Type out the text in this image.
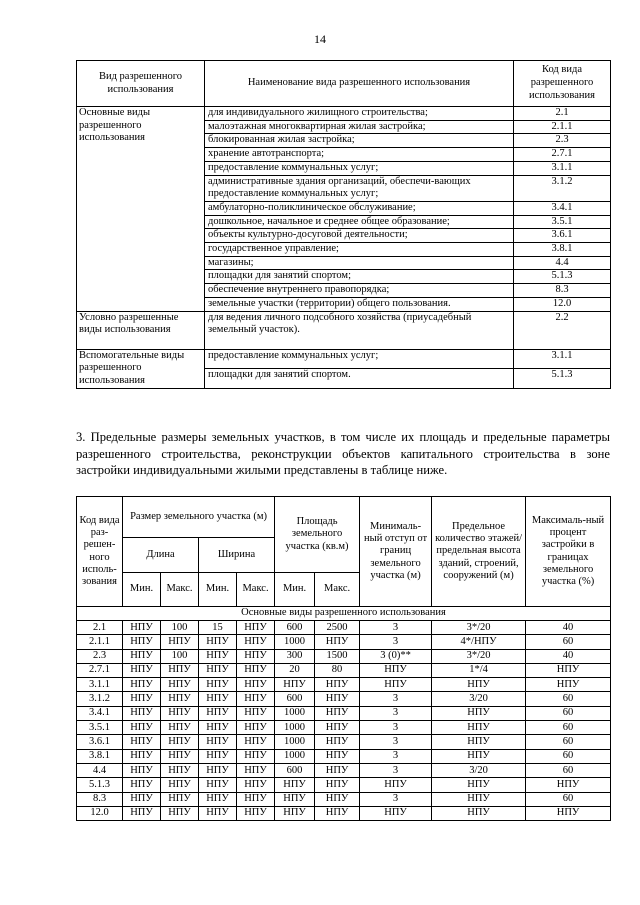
14
Вид разрешенного использования	Наименование вида разрешенного использования	Код вида разрешенного использования
Основные виды разрешенного использования	для индивидуального жилищного строительства;	2.1
	малоэтажная многоквартирная жилая застройка;	2.1.1
	блокированная жилая застройка;	2.3
	хранение автотранспорта;	2.7.1
	предоставление коммунальных услуг;	3.1.1
	административные здания организаций, обеспечи-вающих предоставление коммунальных услуг;	3.1.2
	амбулаторно-поликлиническое обслуживание;	3.4.1
	дошкольное, начальное и среднее общее образование;	3.5.1
	объекты культурно-досуговой деятельности;	3.6.1
	государственное управление;	3.8.1
	магазины;	4.4
	площадки для занятий спортом;	5.1.3
	обеспечение внутреннего правопорядка;	8.3
	земельные участки (территории) общего пользования.	12.0
Условно разрешенные виды использования	для ведения личного подсобного хозяйства (приусадебный земельный участок).	2.2
Вспомогательные виды разрешенного использования	предоставление коммунальных услуг;	3.1.1
	площадки для занятий спортом.	5.1.3

3. Предельные размеры земельных участков, в том числе их площадь и предельные параметры разрешенного строительства, реконструкции объектов капитального строительства в зоне застройки индивидуальными жилыми представлены в таблице ниже.

Код вида раз-решен-ного исполь-зования	Размер земельного участка (м)				Площадь земельного участка (кв.м)		Минималь-ный отступ от границ земельного участка (м)	Предельное количество этажей/ предельная высота зданий, строений, сооружений (м)	Максималь-ный процент застройки в границах земельного участка (%)
	Длина		Ширина						
	Мин.	Макс.	Мин.	Макс.	Мин.	Макс.			
Основные виды разрешенного использования									
2.1	НПУ	100	15	НПУ	600	2500	3	3*/20	40
2.1.1	НПУ	НПУ	НПУ	НПУ	1000	НПУ	3	4*/НПУ	60
2.3	НПУ	100	НПУ	НПУ	300	1500	3 (0)**	3*/20	40
2.7.1	НПУ	НПУ	НПУ	НПУ	20	80	НПУ	1*/4	НПУ
3.1.1	НПУ	НПУ	НПУ	НПУ	НПУ	НПУ	НПУ	НПУ	НПУ
3.1.2	НПУ	НПУ	НПУ	НПУ	600	НПУ	3	3/20	60
3.4.1	НПУ	НПУ	НПУ	НПУ	1000	НПУ	3	НПУ	60
3.5.1	НПУ	НПУ	НПУ	НПУ	1000	НПУ	3	НПУ	60
3.6.1	НПУ	НПУ	НПУ	НПУ	1000	НПУ	3	НПУ	60
3.8.1	НПУ	НПУ	НПУ	НПУ	1000	НПУ	3	НПУ	60
4.4	НПУ	НПУ	НПУ	НПУ	600	НПУ	3	3/20	60
5.1.3	НПУ	НПУ	НПУ	НПУ	НПУ	НПУ	НПУ	НПУ	НПУ
8.3	НПУ	НПУ	НПУ	НПУ	НПУ	НПУ	3	НПУ	60
12.0	НПУ	НПУ	НПУ	НПУ	НПУ	НПУ	НПУ	НПУ	НПУ
